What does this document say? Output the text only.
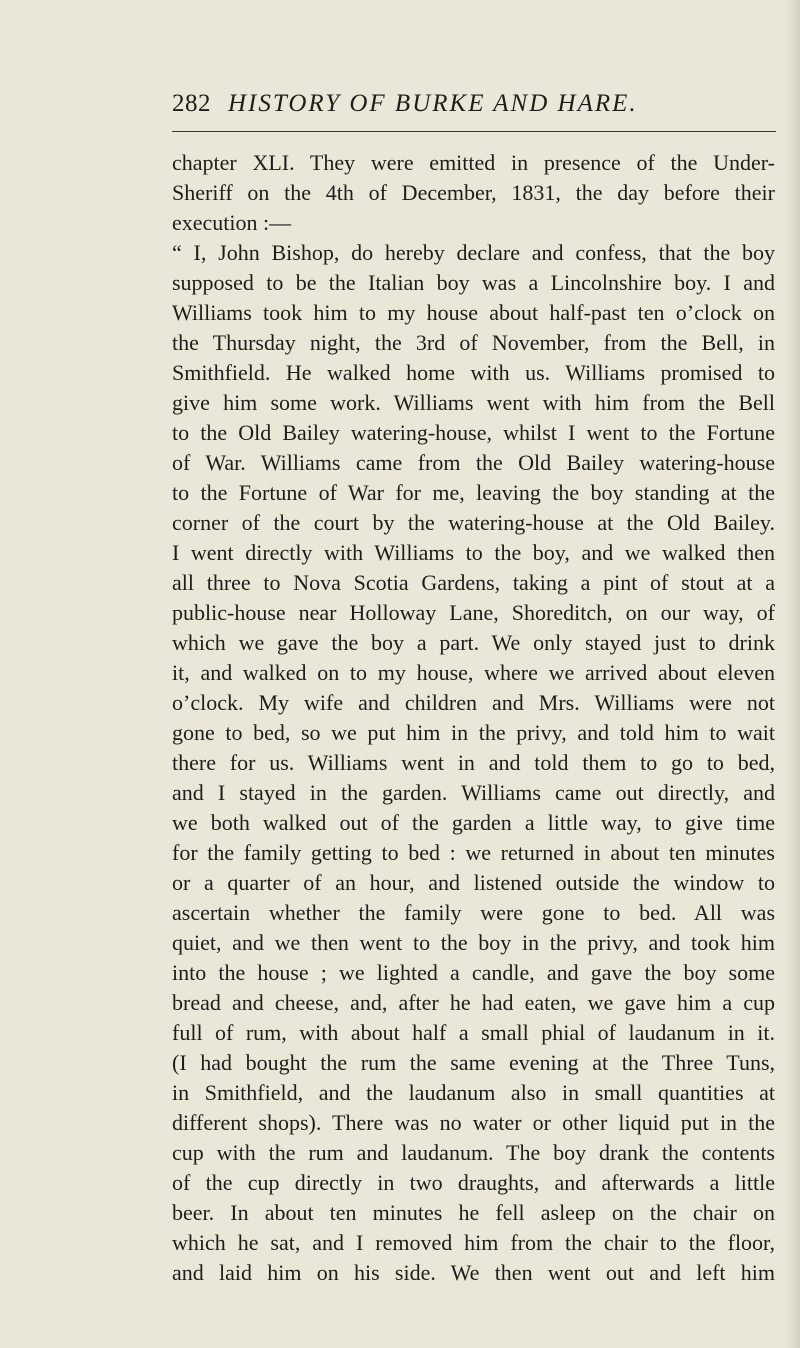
282 HISTORY OF BURKE AND HARE.
chapter XLI. They were emitted in presence of the Under-
Sheriff on the 4th of December, 1831, the day before their
execution :—
“ I, John Bishop, do hereby declare and confess, that the boy
supposed to be the Italian boy was a Lincolnshire boy. I and
Williams took him to my house about half-past ten o’clock on
the Thursday night, the 3rd of November, from the Bell, in
Smithfield. He walked home with us. Williams promised to
give him some work. Williams went with him from the Bell
to the Old Bailey watering-house, whilst I went to the Fortune
of War. Williams came from the Old Bailey watering-house
to the Fortune of War for me, leaving the boy standing at the
corner of the court by the watering-house at the Old Bailey.
I went directly with Williams to the boy, and we walked then
all three to Nova Scotia Gardens, taking a pint of stout at a
public-house near Holloway Lane, Shoreditch, on our way, of
which we gave the boy a part. We only stayed just to drink
it, and walked on to my house, where we arrived about eleven
o’clock. My wife and children and Mrs. Williams were not
gone to bed, so we put him in the privy, and told him to wait
there for us. Williams went in and told them to go to bed,
and I stayed in the garden. Williams came out directly, and
we both walked out of the garden a little way, to give time
for the family getting to bed : we returned in about ten minutes
or a quarter of an hour, and listened outside the window to
ascertain whether the family were gone to bed. All was
quiet, and we then went to the boy in the privy, and took him
into the house ; we lighted a candle, and gave the boy some
bread and cheese, and, after he had eaten, we gave him a cup
full of rum, with about half a small phial of laudanum in it.
(I had bought the rum the same evening at the Three Tuns,
in Smithfield, and the laudanum also in small quantities at
different shops). There was no water or other liquid put in the
cup with the rum and laudanum. The boy drank the contents
of the cup directly in two draughts, and afterwards a little
beer. In about ten minutes he fell asleep on the chair on
which he sat, and I removed him from the chair to the floor,
and laid him on his side. We then went out and left him
